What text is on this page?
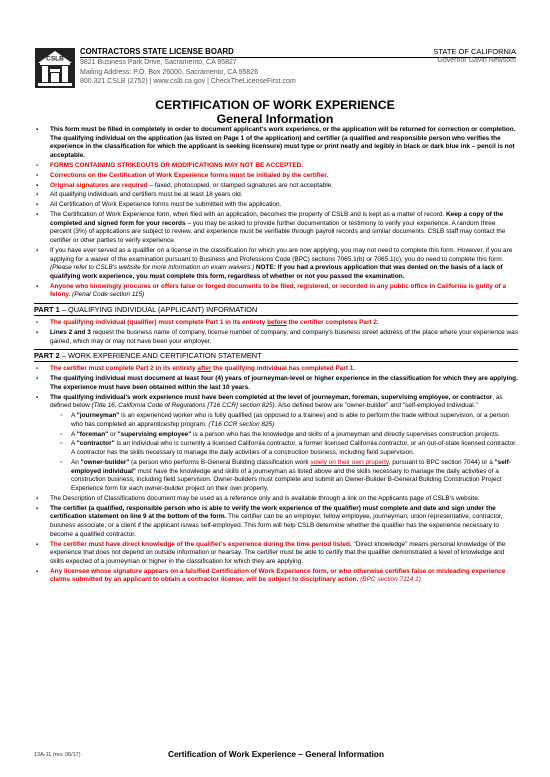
CSLB
CONTRACTORS STATE LICENSE BOARD
9821 Business Park Drive, Sacramento, CA 95827
Mailing Address: P.O. Box 26000, Sacramento, CA 95826
800.321.CSLB (2752) | www.cslb.ca.gov | CheckTheLicenseFirst.com
STATE OF CALIFORNIA
Governor Gavin Newsom
CERTIFICATION OF WORK EXPERIENCE
General Information
▪ This form must be filled in completely in order to document applicant's work experience, or the application will be returned for correction or completion. The qualifying individual on the application (as listed on Page 1 of the application) and certifier (a qualified and responsible person who verifies the experience in the classification for which the applicant is seeking licensure) must type or print neatly and legibly in black or dark blue ink – pencil is not acceptable.
▪ FORMS CONTAINING STRIKEOUTS OR MODIFICATIONS MAY NOT BE ACCEPTED.
▪ Corrections on the Certification of Work Experience forms must be initialed by the certifier.
▪ Original signatures are required – faxed, photocopied, or stamped signatures are not acceptable.
▪ All qualifying individuals and certifiers must be at least 18 years old.
▪ All Certification of Work Experience forms must be submitted with the application.
▪ The Certification of Work Experience form, when filed with an application, becomes the property of CSLB and is kept as a matter of record. Keep a copy of the completed and signed form for your records – you may be asked to provide further documentation or testimony to verify your experience. A random three percent (3%) of applications are subject to review, and experience must be verifiable through payroll records and similar documents. CSLB staff may contact the certifier or other parties to verify experience.
▪ If you have ever served as a qualifier on a license in the classification for which you are now applying, you may not need to complete this form. However, if you are applying for a waiver of the examination pursuant to Business and Professions Code (BPC) sections 7065.1(b) or 7065.1(c), you do need to complete this form. (Please refer to CSLB's website for more information on exam waivers.) NOTE: If you had a previous application that was denied on the basis of a lack of qualifying work experience, you must complete this form, regardless of whether or not you passed the examination.
▪ Anyone who knowingly procures or offers false or forged documents to be filed, registered, or recorded in any public office in California is guilty of a felony. (Penal Code section 115)
PART 1 – QUALIFYING INDIVIDUAL (APPLICANT) INFORMATION
▪ The qualifying individual (qualifier) must complete Part 1 in its entirety before the certifier completes Part 2.
▪ Lines 2 and 3 request the business name of company, license number of company, and company's business street address of the place where your experience was gained, which may or may not have been your employer.
PART 2 – WORK EXPERIENCE AND CERTIFICATION STATEMENT
▪ The certifier must complete Part 2 in its entirety after the qualifying individual has completed Part 1.
▪ The qualifying individual must document at least four (4) years of journeyman-level or higher experience in the classification for which they are applying. The experience must have been obtained within the last 10 years.
▪ The qualifying individual's work experience must have been completed at the level of journeyman, foreman, supervising employee, or contractor, as defined below (Title 16, California Code of Regulations [T16 CCR] section 825). Also defined below are "owner-builder" and "self-employed individual."
◦ A "journeyman" is an experienced worker who is fully qualified (as opposed to a trainee) and is able to perform the trade without supervision, or a person who has completed an apprenticeship program. (T16 CCR section 825)
◦ A "foreman" or "supervising employee" is a person who has the knowledge and skills of a journeyman and directly supervises construction projects.
◦ A "contractor" is an individual who is currently a licensed California contractor, a former licensed California contractor, or an out-of-state licensed contractor. A contractor has the skills necessary to manage the daily activities of a construction business, including field supervision.
◦ An "owner-builder" (a person who performs B-General Building classification work solely on their own property, pursuant to BPC section 7044) or a "self-employed individual" must have the knowledge and skills of a journeyman as listed above and the skills necessary to manage the daily activities of a construction business, including field supervision. Owner-builders must complete and submit an Owner-Builder B-General Building Construction Project Experience form for each owner-builder project on their own property.
▪ The Description of Classifications document may be used as a reference only and is available through a link on the Applicants page of CSLB's website.
▪ The certifier (a qualified, responsible person who is able to verify the work experience of the qualifier) must complete and date and sign under the certification statement on line 9 at the bottom of the form. The certifier can be an employer, fellow employee, journeyman, union representative, contractor, business associate, or a client if the applicant is/was self-employed. This form will help CSLB determine whether the qualifier has the experience necessary to become a qualified contractor.
▪ The certifier must have direct knowledge of the qualifier's experience during the time period listed. "Direct knowledge" means personal knowledge of the experience that does not depend on outside information or hearsay. The certifier must be able to certify that the qualifier demonstrated a level of knowledge and skills expected of a journeyman or higher in the classification for which they are applying.
▪ Any licensee whose signature appears on a falsified Certification of Work Experience form, or who otherwise certifies false or misleading experience claims submitted by an applicant to obtain a contractor license, will be subject to disciplinary action. (BPC section 7114.1)
13A-11 (rev. 06/17)	Certification of Work Experience – General Information
